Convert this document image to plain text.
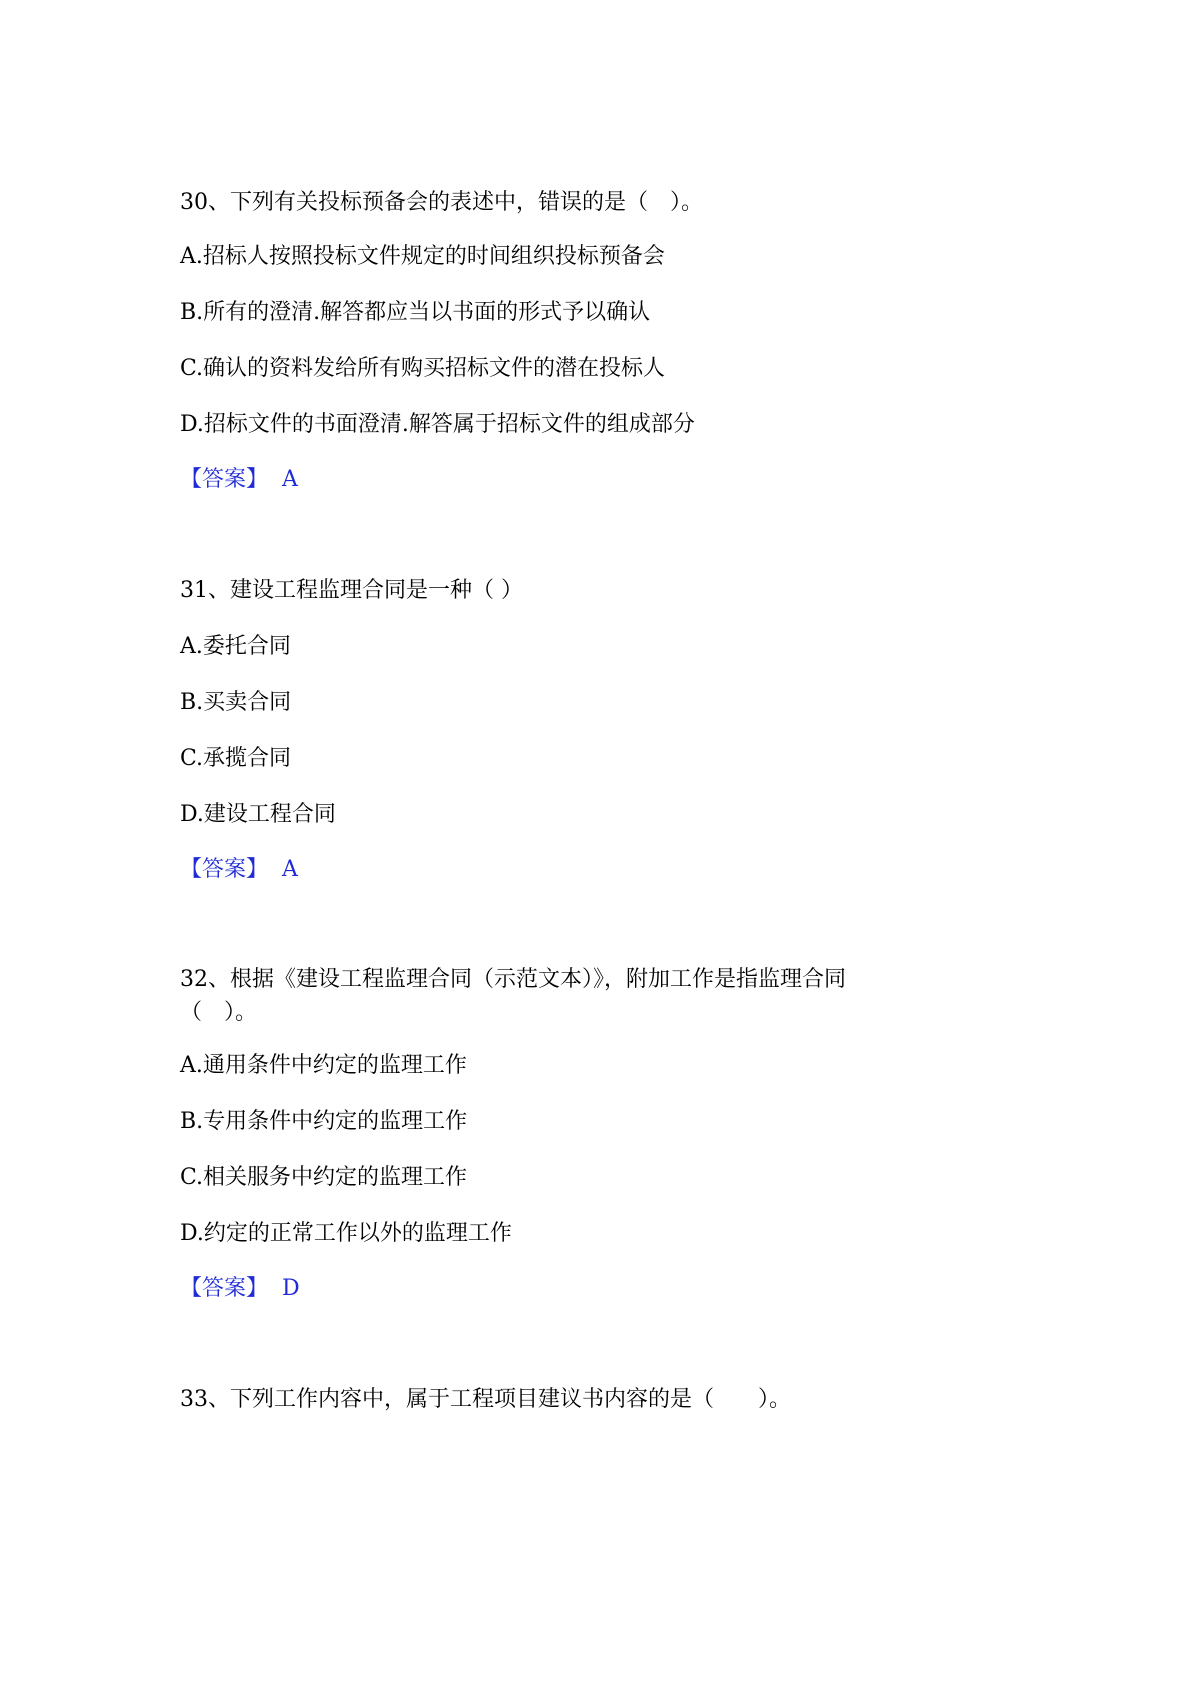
30、下列有关投标预备会的表述中，错误的是（　）。
A.招标人按照投标文件规定的时间组织投标预备会
B.所有的澄清.解答都应当以书面的形式予以确认
C.确认的资料发给所有购买招标文件的潜在投标人
D.招标文件的书面澄清.解答属于招标文件的组成部分
【答案】 A
31、建设工程监理合同是一种（ ）
A.委托合同
B.买卖合同
C.承揽合同
D.建设工程合同
【答案】 A
32、根据《建设工程监理合同（示范文本）》，附加工作是指监理合同
（　）。
A.通用条件中约定的监理工作
B.专用条件中约定的监理工作
C.相关服务中约定的监理工作
D.约定的正常工作以外的监理工作
【答案】 D
33、下列工作内容中，属于工程项目建议书内容的是（　　）。
